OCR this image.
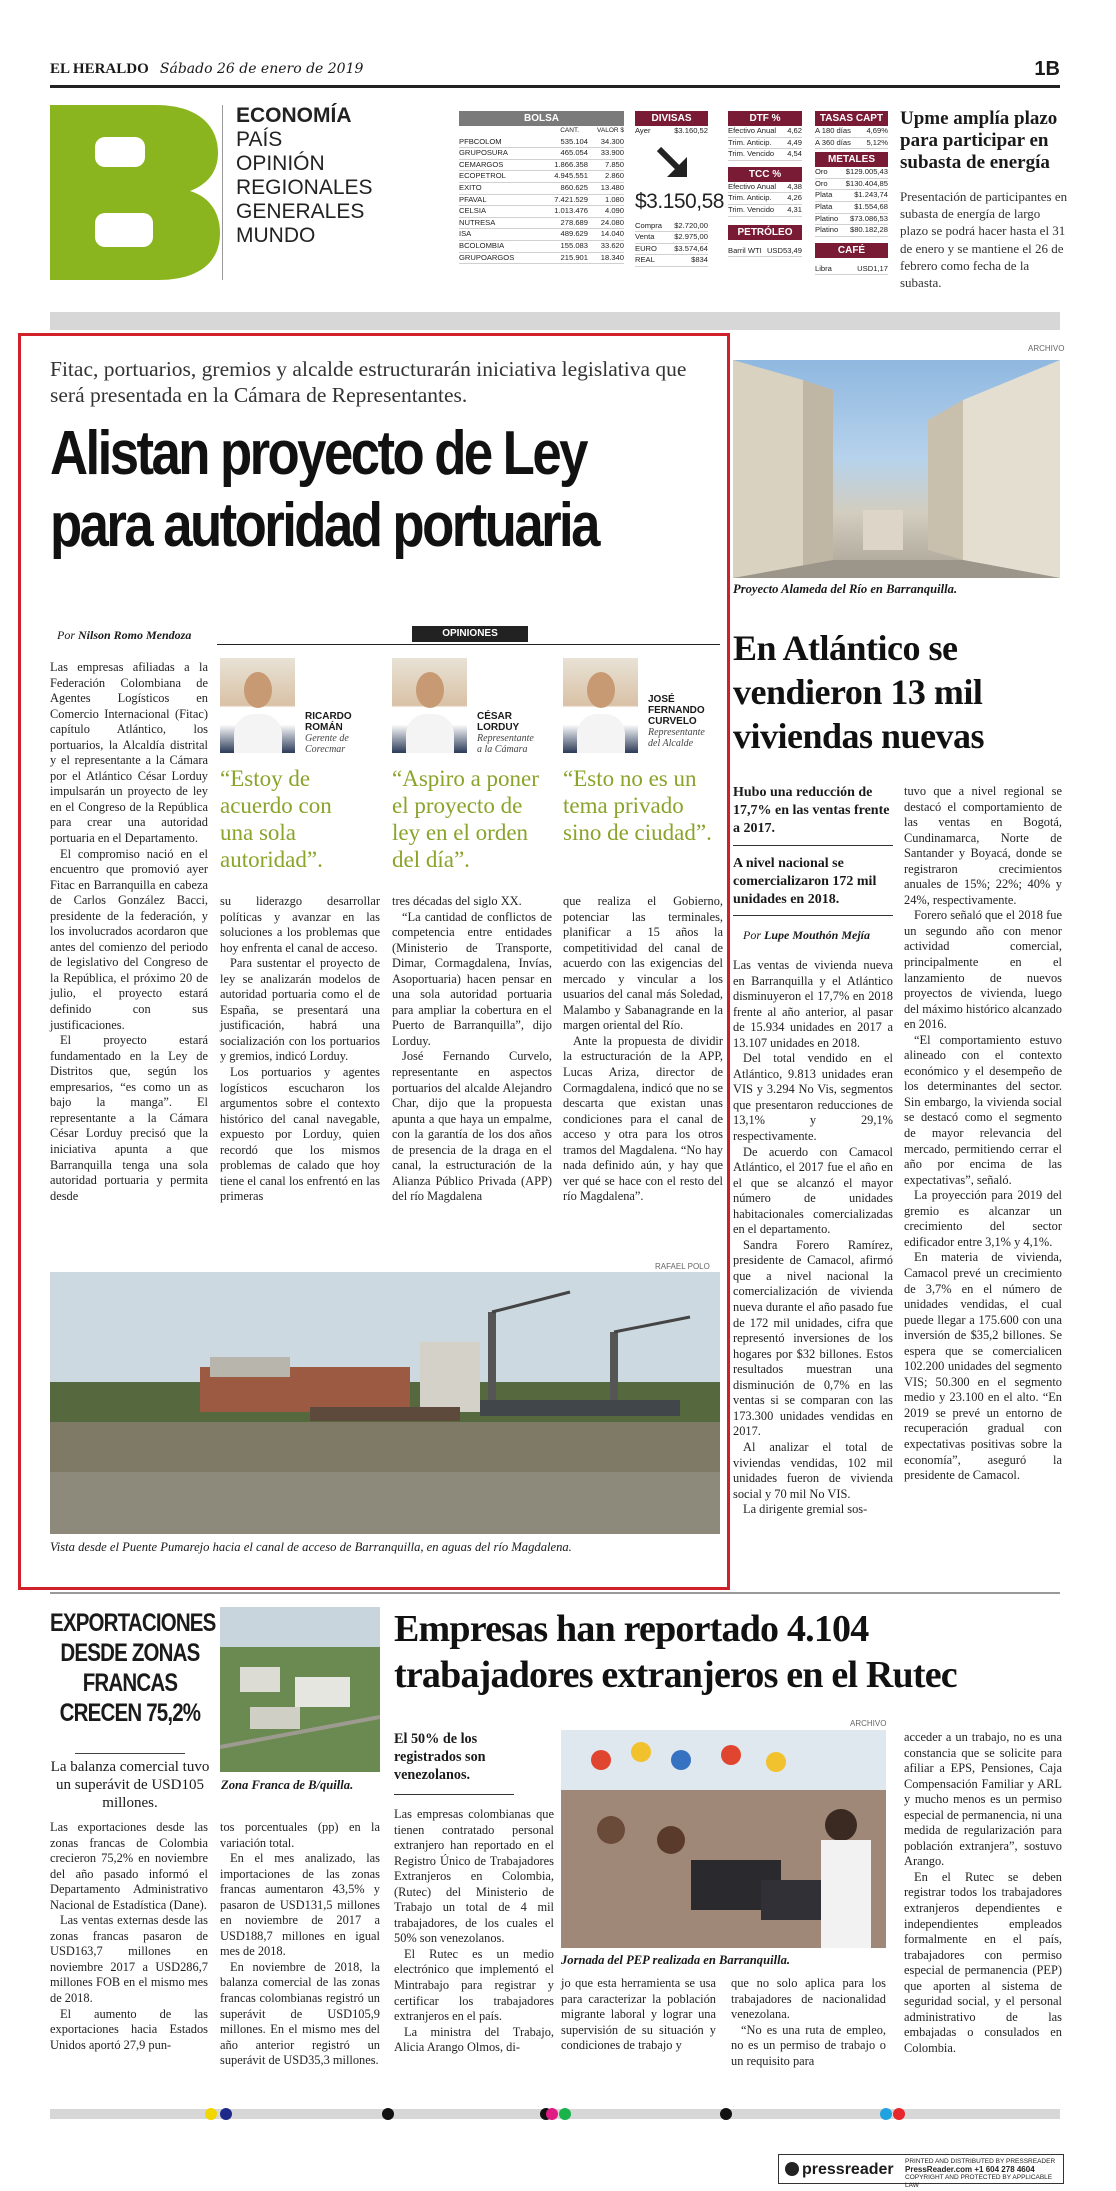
EL HERALDO Sábado 26 de enero de 2019	1B
ECONOMÍA
PAÍS
OPINIÓN
REGIONALES
GENERALES
MUNDO
BOLSA
CANT.	VALOR $
PFBCOLOM	535.104	34.300
GRUPOSURA	465.054	33.900
CEMARGOS	1.866.358	7.850
ECOPETROL	4.945.551	2.860
EXITO	860.625	13.480
PFAVAL	7.421.529	1.080
CELSIA	1.013.476	4.090
NUTRESA	278.689	24.080
ISA	489.629	14.040
BCOLOMBIA	155.083	33.620
GRUPOARGOS	215.901	18.340
DIVISAS
Ayer	$3.160,52
$3.150,58
Compra $2.720,00
Venta	$2.975,00
EURO $3.574,64
REAL	$834
DTF %
Efectivo Anual 4,62
Trim. Anticip. 4,49
Trim. Vencido 4,54
TCC %
Efectivo Anual 4,38
Trim. Anticip. 4,26
Trim. Vencido 4,31
PETRÓLEO
Barril WTI USD53,49
TASAS CAPT
A 180 días 4,69%
A 360 días 5,12%
METALES
Oro $129.005,43
Oro $130.404,85
Plata	$1.243,74
Plata	$1.554,68
Platino $73.086,53
Platino $80.182,28
CAFÉ
Libra	USD1,17
Upme amplía plazo para participar en subasta de energía
Presentación de participantes en subasta de energía de largo plazo se podrá hacer hasta el 31 de enero y se mantiene el 26 de febrero como fecha de la subasta.
Fitac, portuarios, gremios y alcalde estructurarán iniciativa legislativa que será presentada en la Cámara de Representantes.
Alistan proyecto de Ley
para autoridad portuaria
Por Nilson Romo Mendoza	OPINIONES

Las empresas afiliadas a la Federación Colombiana de Agentes Logísticos en Comercio Internacional (Fitac) capítulo Atlántico, los portuarios, la Alcaldía distrital y el representante a la Cámara por el Atlántico César Lorduy impulsarán un proyecto de ley en el Congreso de la República para crear una autoridad portuaria en el Departamento.

El compromiso nació en el encuentro que promovió ayer Fitac en Barranquilla en cabeza de Carlos González Bacci, presidente de la federación, y los involucrados acordaron que antes del comienzo del periodo de legislativo del Congreso de la República, el próximo 20 de julio, el proyecto estará definido con sus justificaciones.

El proyecto estará fundamentado en la Ley de Distritos que, según los empresarios, “es como un as bajo la manga”. El representante a la Cámara César Lorduy precisó que la iniciativa apunta a que Barranquilla tenga una sola autoridad portuaria y permita desde

RICARDO
ROMÁN
Gerente de
Corecmar
“Estoy de acuerdo con una sola autoridad”.
CÉSAR
LORDUY
Representante
a la Cámara
“Aspiro a poner el proyecto de ley en el orden del día”.
JOSÉ
FERNANDO
CURVELO
Representante
del Alcalde
“Esto no es un tema privado sino de ciudad”.

su liderazgo desarrollar políticas y avanzar en las soluciones a los problemas que hoy enfrenta el canal de acceso.

Para sustentar el proyecto de ley se analizarán modelos de autoridad portuaria como el de España, se presentará una justificación, habrá una socialización con los portuarios y gremios, indicó Lorduy.

Los portuarios y agentes logísticos escucharon los argumentos sobre el contexto histórico del canal navegable, expuesto por Lorduy, quien recordó que los mismos problemas de calado que hoy tiene el canal los enfrentó en las primeras

tres décadas del siglo XX.

“La cantidad de conflictos de competencia entre entidades (Ministerio de Transporte, Dimar, Cormagdalena, Invías, Asoportuaria) hacen pensar en una sola autoridad portuaria para ampliar la cobertura en el Puerto de Barranquilla”, dijo Lorduy.

José Fernando Curvelo, representante en aspectos portuarios del alcalde Alejandro Char, dijo que la propuesta apunta a que haya un empalme, con la garantía de los dos años de presencia de la draga en el canal, la estructuración de la Alianza Público Privada (APP) del río Magdalena

que realiza el Gobierno, potenciar las terminales, planificar a 15 años la competitividad del canal de acuerdo con las exigencias del mercado y vincular a los usuarios del canal más Soledad, Malambo y Sabanagrande en la margen oriental del Río.

Ante la propuesta de dividir la estructuración de la APP, Lucas Ariza, director de Cormagdalena, indicó que no se descarta que existan unas condiciones para el canal de acceso y otra para los otros tramos del Magdalena. “No hay nada definido aún, y hay que ver qué se hace con el resto del río Magdalena”.

RAFAEL POLO
Vista desde el Puente Pumarejo hacia el canal de acceso de Barranquilla, en aguas del río Magdalena.
ARCHIVO
Proyecto Alameda del Río en Barranquilla.
En Atlántico se vendieron 13 mil viviendas nuevas
Hubo una reducción de 17,7% en las ventas frente a 2017.
A nivel nacional se comercializaron 172 mil unidades en 2018.
Por Lupe Mouthón Mejía

Las ventas de vivienda nueva en Barranquilla y el Atlántico disminuyeron el 17,7% en 2018 frente al año anterior, al pasar de 15.934 unidades en 2017 a 13.107 unidades en 2018.

Del total vendido en el Atlántico, 9.813 unidades eran VIS y 3.294 No Vis, segmentos que presentaron reducciones de 13,1% y 29,1% respectivamente.

De acuerdo con Camacol Atlántico, el 2017 fue el año en el que se alcanzó el mayor número de unidades habitacionales comercializadas en el departamento.

Sandra Forero Ramírez, presidente de Camacol, afirmó que a nivel nacional la comercialización de vivienda nueva durante el año pasado fue de 172 mil unidades, cifra que representó inversiones de los hogares por $32 billones. Estos resultados muestran una disminución de 0,7% en las ventas si se comparan con las 173.300 unidades vendidas en 2017.

Al analizar el total de viviendas vendidas, 102 mil unidades fueron de vivienda social y 70 mil No VIS.

La dirigente gremial sos-

tuvo que a nivel regional se destacó el comportamiento de las ventas en Bogotá, Cundinamarca, Norte de Santander y Boyacá, donde se registraron crecimientos anuales de 15%; 22%; 40% y 24%, respectivamente.

Forero señaló que el 2018 fue un segundo año con menor actividad comercial, principalmente en el lanzamiento de nuevos proyectos de vivienda, luego del máximo histórico alcanzado en 2016.

“El comportamiento estuvo alineado con el contexto económico y el desempeño de los determinantes del sector. Sin embargo, la vivienda social se destacó como el segmento de mayor relevancia del mercado, permitiendo cerrar el año por encima de las expectativas”, señaló.

La proyección para 2019 del gremio es alcanzar un crecimiento del sector edificador entre 3,1% y 4,1%.

En materia de vivienda, Camacol prevé un crecimiento de 3,7% en el número de unidades vendidas, el cual puede llegar a 175.600 con una inversión de $35,2 billones. Se espera que se comercialicen 102.200 unidades del segmento VIS; 50.300 en el segmento medio y 23.100 en el alto. “En 2019 se prevé un entorno de recuperación gradual con expectativas positivas sobre la economía”, aseguró la presidente de Camacol.

EXPORTACIONES DESDE ZONAS FRANCAS CRECEN 75,2%
La balanza comercial tuvo un superávit de USD105 millones.
Zona Franca de B/quilla.

Las exportaciones desde las zonas francas de Colombia crecieron 75,2% en noviembre del año pasado informó el Departamento Administrativo Nacional de Estadística (Dane).

Las ventas externas desde las zonas francas pasaron de USD163,7 millones en noviembre 2017 a USD286,7 millones FOB en el mismo mes de 2018.

El aumento de las exportaciones hacia Estados Unidos aportó 27,9 pun-

tos porcentuales (pp) en la variación total.

En el mes analizado, las importaciones de las zonas francas aumentaron 43,5% y pasaron de USD131,5 millones en noviembre de 2017 a USD188,7 millones en igual mes de 2018.

En noviembre de 2018, la balanza comercial de las zonas francas colombianas registró un superávit de USD105,9 millones. En el mismo mes del año anterior registró un superávit de USD35,3 millones.

Empresas han reportado 4.104 trabajadores extranjeros en el Rutec
El 50% de los registrados son venezolanos.
ARCHIVO
Jornada del PEP realizada en Barranquilla.

Las empresas colombianas que tienen contratado personal extranjero han reportado en el Registro Único de Trabajadores Extranjeros en Colombia, (Rutec) del Ministerio de Trabajo un total de 4 mil trabajadores, de los cuales el 50% son venezolanos.

El Rutec es un medio electrónico que implementó el Mintrabajo para registrar y certificar los trabajadores extranjeros en el país.

La ministra del Trabajo, Alicia Arango Olmos, di-

jo que esta herramienta se usa para caracterizar la población migrante laboral y lograr una supervisión de su situación y condiciones de trabajo y

que no solo aplica para los trabajadores de nacionalidad venezolana.

“No es una ruta de empleo, no es un permiso de trabajo o un requisito para

acceder a un trabajo, no es una constancia que se solicite para afiliar a EPS, Pensiones, Caja Compensación Familiar y ARL y mucho menos es un permiso especial de permanencia, ni una medida de regularización para población extranjera”, sostuvo Arango.

En el Rutec se deben registrar todos los trabajadores extranjeros dependientes e independientes empleados formalmente en el país, trabajadores con permiso especial de permanencia (PEP) que aporten al sistema de seguridad social, y el personal administrativo de las embajadas o consulados en Colombia.

pressreader PRINTED AND DISTRIBUTED BY PRESSREADER
PressReader.com +1 604 278 4604
COPYRIGHT AND PROTECTED BY APPLICABLE LAW
